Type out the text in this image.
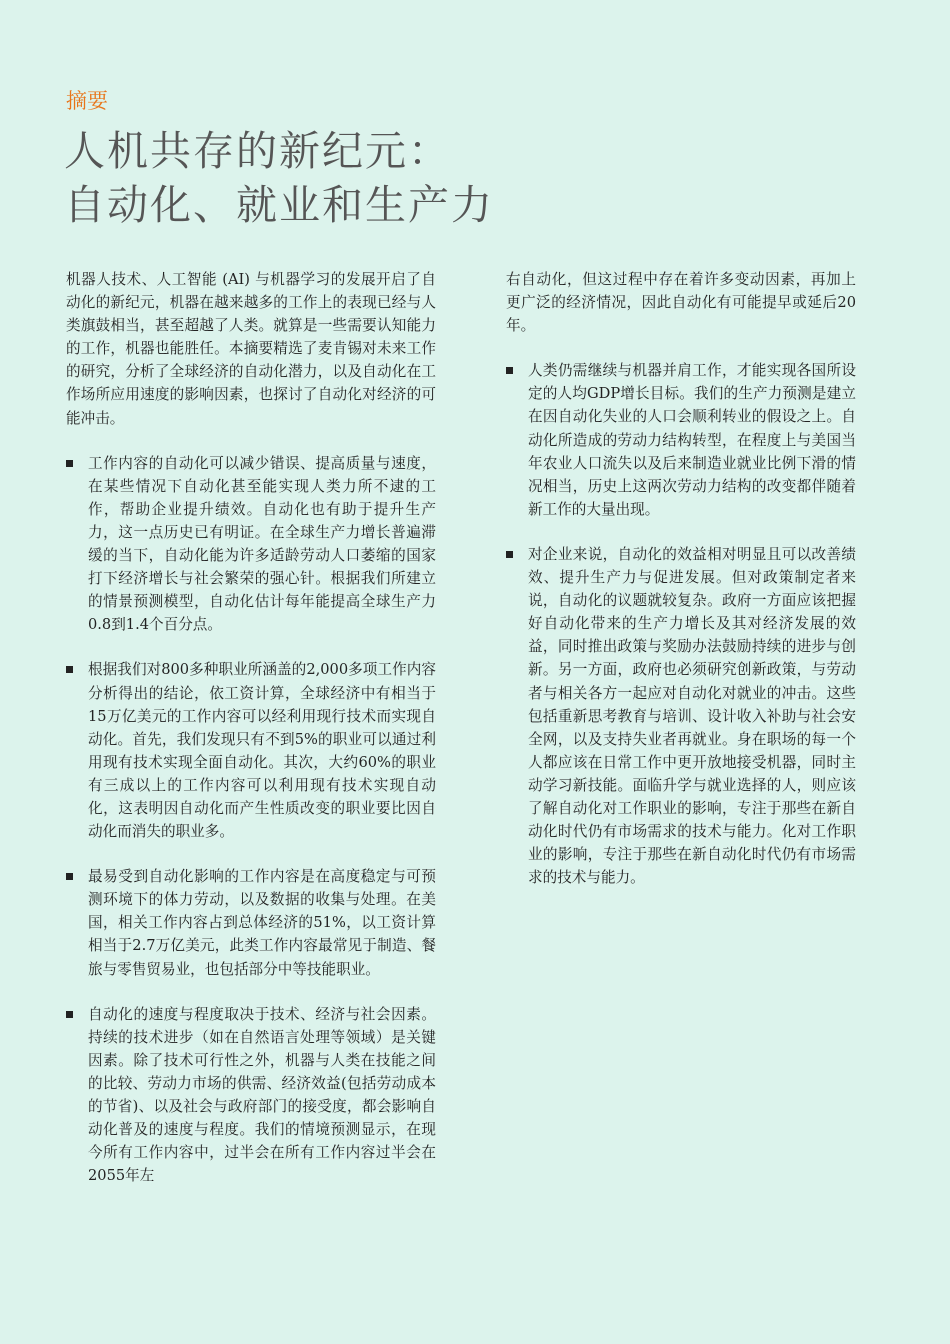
摘要
人机共存的新纪元：
自动化、就业和生产力

机器人技术、人工智能 (AI) 与机器学习的发展开启了自动化的新纪元，机器在越来越多的工作上的表现已经与人类旗鼓相当，甚至超越了人类。就算是一些需要认知能力的工作，机器也能胜任。本摘要精选了麦肯锡对未来工作的研究，分析了全球经济的自动化潜力，以及自动化在工作场所应用速度的影响因素，也探讨了自动化对经济的可能冲击。

工作内容的自动化可以减少错误、提高质量与速度，在某些情况下自动化甚至能实现人类力所不逮的工作，帮助企业提升绩效。自动化也有助于提升生产力，这一点历史已有明证。在全球生产力增长普遍滞缓的当下，自动化能为许多适龄劳动人口萎缩的国家打下经济增长与社会繁荣的强心针。根据我们所建立的情景预测模型，自动化估计每年能提高全球生产力0.8到1.4个百分点。
根据我们对800多种职业所涵盖的2,000多项工作内容分析得出的结论，依工资计算，全球经济中有相当于15万亿美元的工作内容可以经利用现行技术而实现自动化。首先，我们发现只有不到5%的职业可以通过利用现有技术实现全面自动化。其次，大约60%的职业有三成以上的工作内容可以利用现有技术实现自动化，这表明因自动化而产生性质改变的职业要比因自动化而消失的职业多。
最易受到自动化影响的工作内容是在高度稳定与可预测环境下的体力劳动，以及数据的收集与处理。在美国，相关工作内容占到总体经济的51%，以工资计算相当于2.7万亿美元，此类工作内容最常见于制造、餐旅与零售贸易业，也包括部分中等技能职业。
自动化的速度与程度取决于技术、经济与社会因素。持续的技术进步（如在自然语言处理等领域）是关键因素。除了技术可行性之外，机器与人类在技能之间的比较、劳动力市场的供需、经济效益(包括劳动成本的节省)、以及社会与政府部门的接受度，都会影响自动化普及的速度与程度。我们的情境预测显示，在现今所有工作内容中，过半会在所有工作内容过半会在2055年左

右自动化，但这过程中存在着许多变动因素，再加上更广泛的经济情况，因此自动化有可能提早或延后20年。

人类仍需继续与机器并肩工作，才能实现各国所设定的人均GDP增长目标。我们的生产力预测是建立在因自动化失业的人口会顺利转业的假设之上。自动化所造成的劳动力结构转型，在程度上与美国当年农业人口流失以及后来制造业就业比例下滑的情况相当，历史上这两次劳动力结构的改变都伴随着新工作的大量出现。
对企业来说，自动化的效益相对明显且可以改善绩效、提升生产力与促进发展。但对政策制定者来说，自动化的议题就较复杂。政府一方面应该把握好自动化带来的生产力增长及其对经济发展的效益，同时推出政策与奖励办法鼓励持续的进步与创新。另一方面，政府也必须研究创新政策，与劳动者与相关各方一起应对自动化对就业的冲击。这些包括重新思考教育与培训、设计收入补助与社会安全网，以及支持失业者再就业。身在职场的每一个人都应该在日常工作中更开放地接受机器，同时主动学习新技能。面临升学与就业选择的人，则应该了解自动化对工作职业的影响，专注于那些在新自动化时代仍有市场需求的技术与能力。化对工作职业的影响，专注于那些在新自动化时代仍有市场需求的技术与能力。
